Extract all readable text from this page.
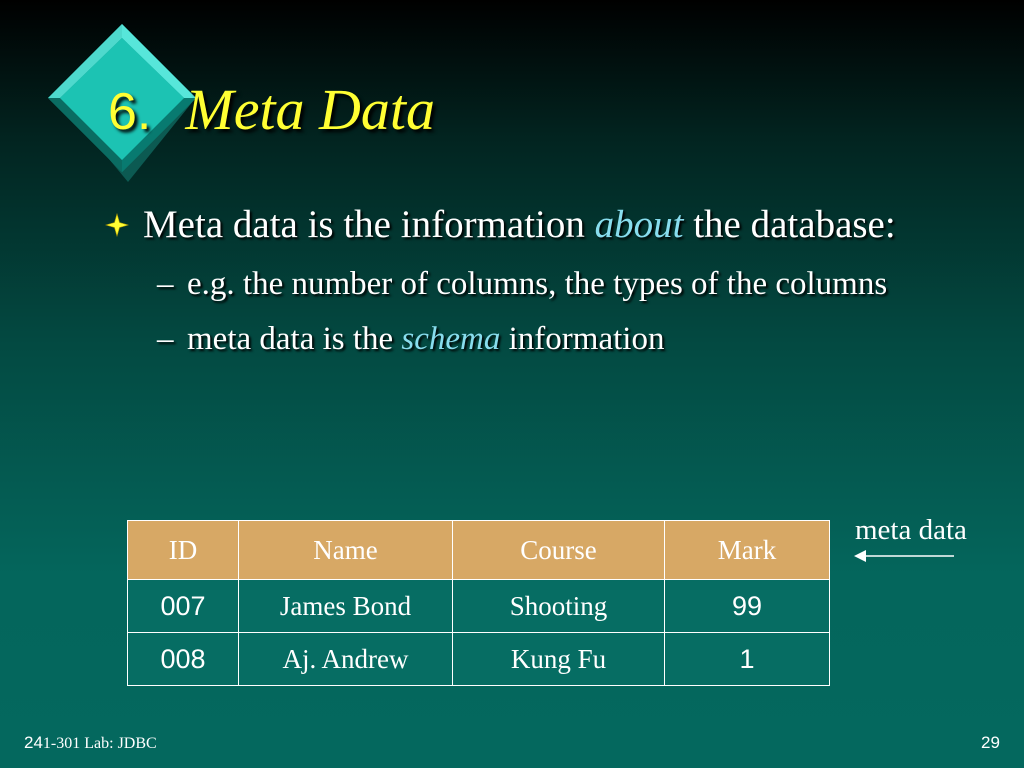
6. Meta Data
Meta data is the information about the database:
– e.g. the number of columns, the types of the columns
– meta data is the schema information
ID	Name	Course	Mark
007	James Bond	Shooting	99
008	Aj. Andrew	Kung Fu	1
meta data
241-301 Lab: JDBC	29
